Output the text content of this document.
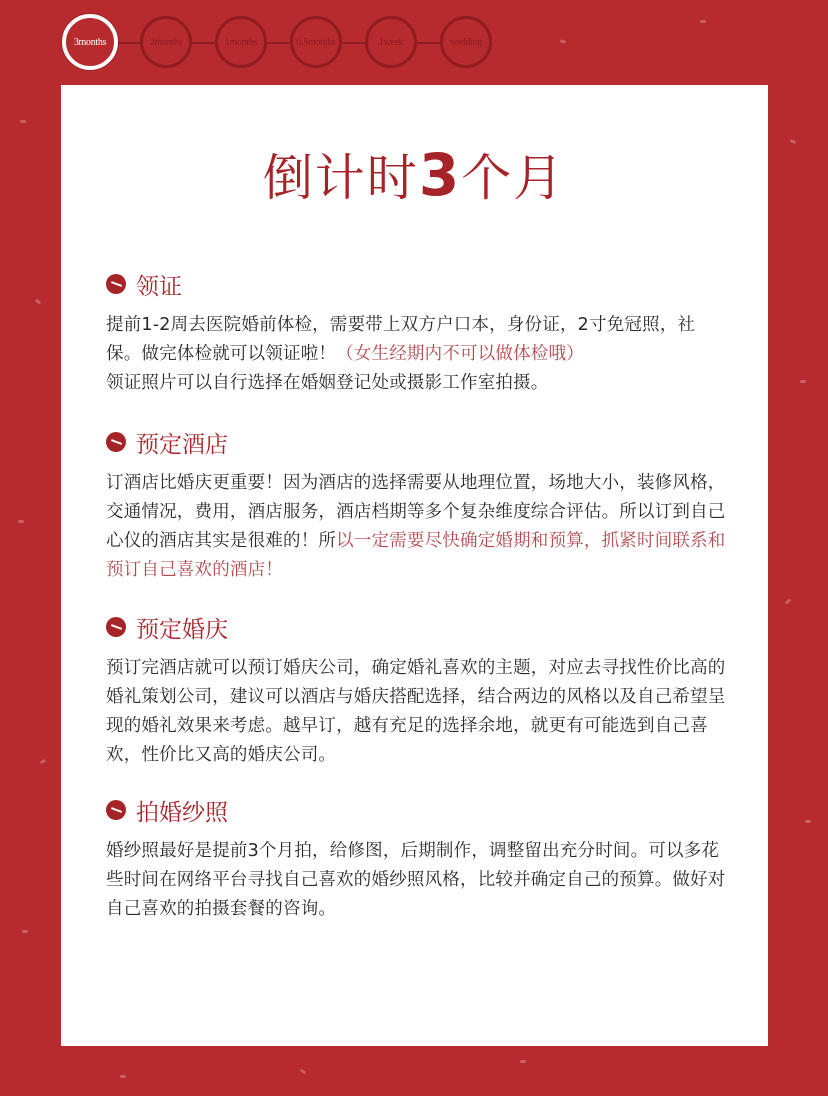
3months	2months	1months	0.5months	1week	wedding
倒计时3个月
领证
提前1-2周去医院婚前体检，需要带上双方户口本，身份证，2寸免冠照，社保。做完体检就可以领证啦！（女生经期内不可以做体检哦）
领证照片可以自行选择在婚姻登记处或摄影工作室拍摄。
预定酒店
订酒店比婚庆更重要！因为酒店的选择需要从地理位置，场地大小，装修风格，交通情况，费用，酒店服务，酒店档期等多个复杂维度综合评估。所以订到自己心仪的酒店其实是很难的！所以一定需要尽快确定婚期和预算，抓紧时间联系和预订自己喜欢的酒店！
预定婚庆
预订完酒店就可以预订婚庆公司，确定婚礼喜欢的主题，对应去寻找性价比高的婚礼策划公司，建议可以酒店与婚庆搭配选择，结合两边的风格以及自己希望呈现的婚礼效果来考虑。越早订，越有充足的选择余地，就更有可能选到自己喜欢，性价比又高的婚庆公司。
拍婚纱照
婚纱照最好是提前3个月拍，给修图，后期制作，调整留出充分时间。可以多花些时间在网络平台寻找自己喜欢的婚纱照风格，比较并确定自己的预算。做好对自己喜欢的拍摄套餐的咨询。
